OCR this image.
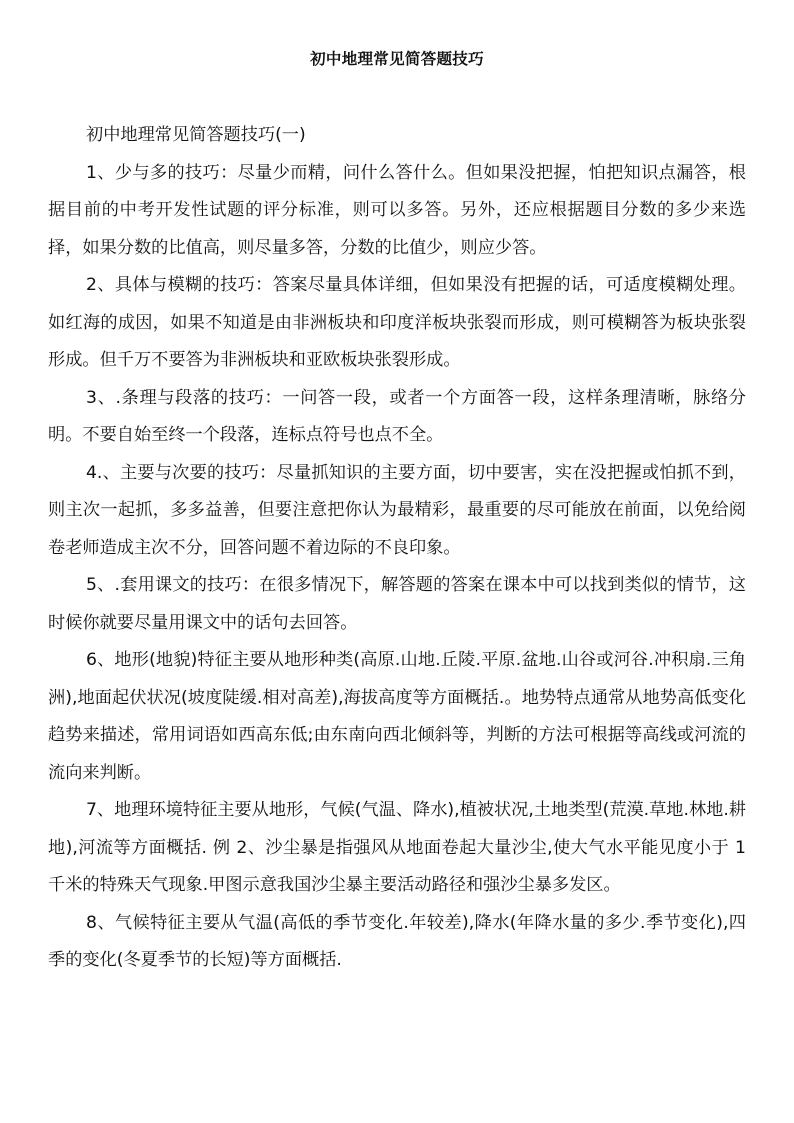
初中地理常见简答题技巧

初中地理常见简答题技巧(一)

1、少与多的技巧：尽量少而精，问什么答什么。但如果没把握，怕把知识点漏答，根据目前的中考开发性试题的评分标准，则可以多答。另外，还应根据题目分数的多少来选择，如果分数的比值高，则尽量多答，分数的比值少，则应少答。

2、具体与模糊的技巧：答案尽量具体详细，但如果没有把握的话，可适度模糊处理。如红海的成因，如果不知道是由非洲板块和印度洋板块张裂而形成，则可模糊答为板块张裂形成。但千万不要答为非洲板块和亚欧板块张裂形成。

3、.条理与段落的技巧：一问答一段，或者一个方面答一段，这样条理清晰，脉络分明。不要自始至终一个段落，连标点符号也点不全。

4.、主要与次要的技巧：尽量抓知识的主要方面，切中要害，实在没把握或怕抓不到，则主次一起抓，多多益善，但要注意把你认为最精彩，最重要的尽可能放在前面，以免给阅卷老师造成主次不分，回答问题不着边际的不良印象。

5、.套用课文的技巧：在很多情况下，解答题的答案在课本中可以找到类似的情节，这时候你就要尽量用课文中的话句去回答。

6、地形(地貌)特征主要从地形种类(高原.山地.丘陵.平原.盆地.山谷或河谷.冲积扇.三角洲),地面起伏状况(坡度陡缓.相对高差),海拔高度等方面概括.。地势特点通常从地势高低变化趋势来描述，常用词语如西高东低;由东南向西北倾斜等，判断的方法可根据等高线或河流的流向来判断。

7、地理环境特征主要从地形，气候(气温、降水),植被状况,土地类型(荒漠.草地.林地.耕地),河流等方面概括. 例 2、沙尘暴是指强风从地面卷起大量沙尘,使大气水平能见度小于 1 千米的特殊天气现象.甲图示意我国沙尘暴主要活动路径和强沙尘暴多发区。

8、气候特征主要从气温(高低的季节变化.年较差),降水(年降水量的多少.季节变化),四季的变化(冬夏季节的长短)等方面概括.
